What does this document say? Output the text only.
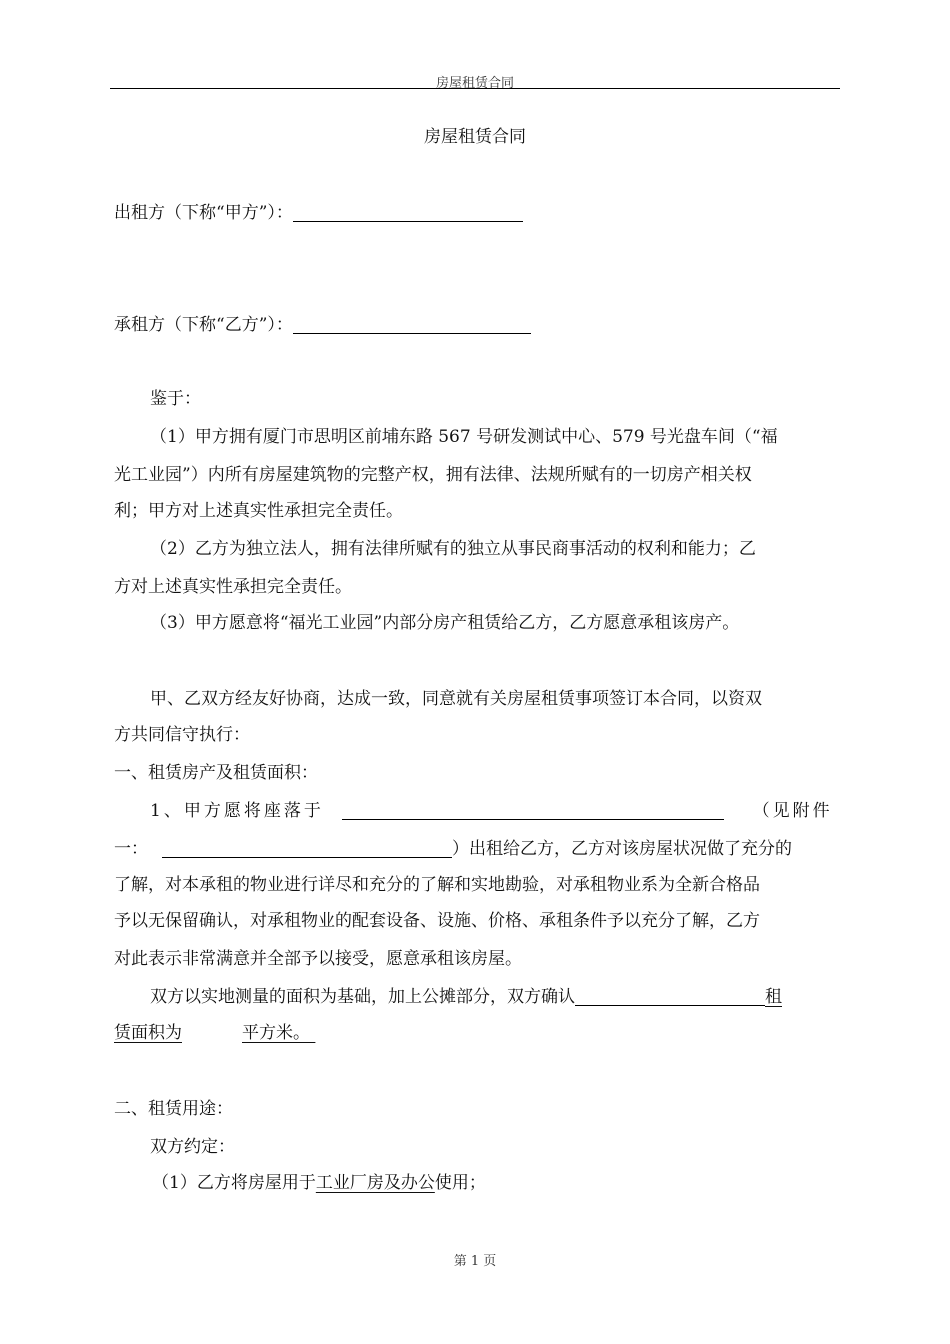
房屋租赁合同
房屋租赁合同
出租方（下称“甲方”）：
承租方（下称“乙方”）：
鉴于：
（1）甲方拥有厦门市思明区前埔东路 567 号研发测试中心、579 号光盘车间（“福
光工业园”）内所有房屋建筑物的完整产权，拥有法律、法规所赋有的一切房产相关权
利；甲方对上述真实性承担完全责任。
（2）乙方为独立法人，拥有法律所赋有的独立从事民商事活动的权利和能力；乙
方对上述真实性承担完全责任。
（3）甲方愿意将“福光工业园”内部分房产租赁给乙方，乙方愿意承租该房产。
甲、乙双方经友好协商，达成一致，同意就有关房屋租赁事项签订本合同，以资双
方共同信守执行：
一、租赁房产及租赁面积：
1、甲方愿将座落于	（见附件
一：	）出租给乙方，乙方对该房屋状况做了充分的
了解，对本承租的物业进行详尽和充分的了解和实地勘验，对承租物业系为全新合格品
予以无保留确认，对承租物业的配套设备、设施、价格、承租条件予以充分了解，乙方
对此表示非常满意并全部予以接受，愿意承租该房屋。
双方以实地测量的面积为基础，加上公摊部分，双方确认	租
赁面积为	平方米。
二、租赁用途：
双方约定：
（1）乙方将房屋用于工业厂房及办公使用；
第 1 页
